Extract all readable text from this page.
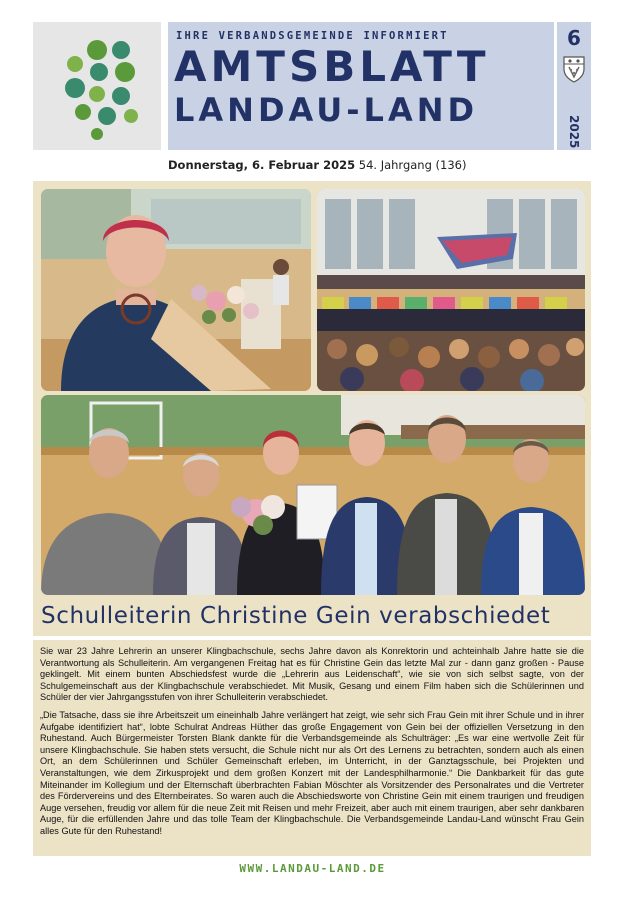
IHRE VERBANDSGEMEINDE INFORMIERT
AMTSBLATT
LANDAU-LAND
6
2025
Donnerstag, 6. Februar 2025 54. Jahrgang (136)
Schulleiterin Christine Gein verabschiedet

Sie war 23 Jahre Lehrerin an unserer Klingbachschule, sechs Jahre davon als Konrektorin und achteinhalb Jahre hatte sie die Verantwortung als Schulleiterin. Am vergangenen Freitag hat es für Christine Gein das letzte Mal zur - dann ganz großen - Pause geklingelt. Mit einem bunten Abschiedsfest wurde die „Lehrerin aus Leidenschaft“, wie sie von sich selbst sagte, von der Schulgemeinschaft aus der Klingbachschule verabschiedet. Mit Musik, Gesang und einem Film haben sich die Schülerinnen und Schüler der vier Jahrgangsstufen von ihrer Schulleiterin verabschiedet.

„Die Tatsache, dass sie ihre Arbeitszeit um eineinhalb Jahre verlängert hat zeigt, wie sehr sich Frau Gein mit ihrer Schule und in ihrer Aufgabe identifiziert hat“, lobte Schulrat Andreas Hüther das große Engagement von Gein bei der offiziellen Versetzung in den Ruhestand. Auch Bürgermeister Torsten Blank dankte für die Verbandsgemeinde als Schulträger: „Es war eine wertvolle Zeit für unsere Klingbachschule. Sie haben stets versucht, die Schule nicht nur als Ort des Lernens zu betrachten, sondern auch als einen Ort, an dem Schülerinnen und Schüler Gemeinschaft erleben, im Unterricht, in der Ganztagsschule, bei Projekten und Veranstaltungen, wie dem Zirkusprojekt und dem großen Konzert mit der Landesphilharmonie.“ Die Dankbarkeit für das gute Miteinander im Kollegium und der Elternschaft überbrachten Fabian Möschter als Vorsitzender des Personalrates und die Vertreter des Fördervereins und des Elternbeirates. So waren auch die Abschiedsworte von Christine Gein mit einem traurigen und freudigen Auge versehen, freudig vor allem für die neue Zeit mit Reisen und mehr Freizeit, aber auch mit einem traurigen, aber sehr dankbaren Auge, für die erfüllenden Jahre und das tolle Team der Klingbachschule. Die Verbandsgemeinde Landau-Land wünscht Frau Gein alles Gute für den Ruhestand!

WWW.LANDAU-LAND.DE
